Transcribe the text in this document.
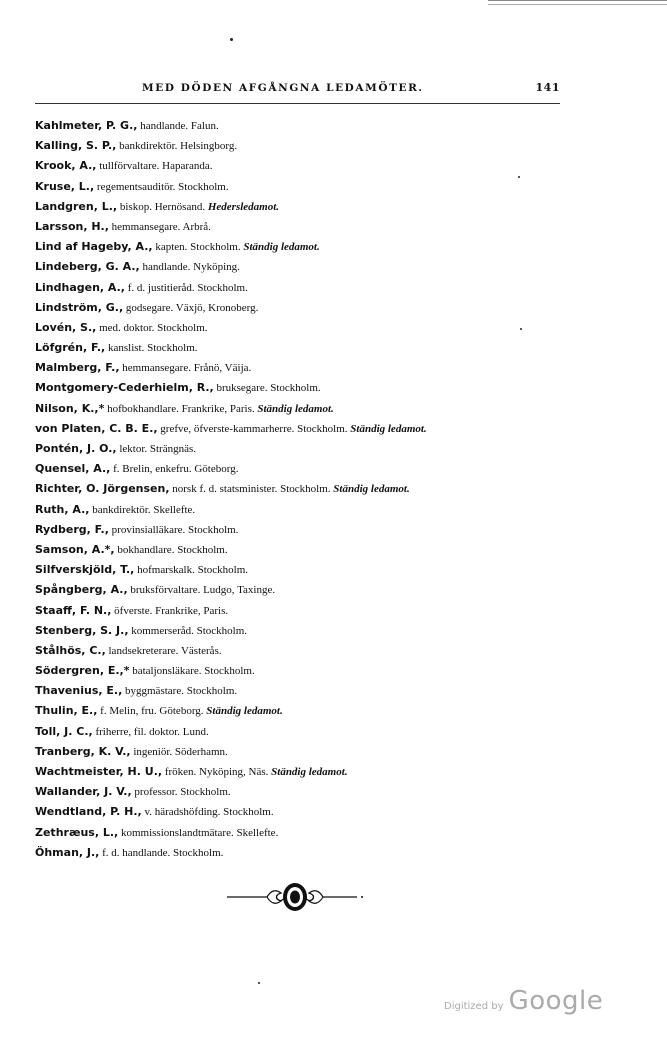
MED DÖDEN AFGÅNGNA LEDAMÖTER.	141
Kahlmeter, P. G., handlande. Falun.
Kalling, S. P., bankdirektör. Helsingborg.
Krook, A., tullförvaltare. Haparanda.
Kruse, L., regementsauditör. Stockholm.
Landgren, L., biskop. Hernösand. Hedersledamot.
Larsson, H., hemmansegare. Arbrå.
Lind af Hageby, A., kapten. Stockholm. Ständig ledamot.
Lindeberg, G. A., handlande. Nyköping.
Lindhagen, A., f. d. justitieråd. Stockholm.
Lindström, G., godsegare. Växjö, Kronoberg.
Lovén, S., med. doktor. Stockholm.
Löfgrén, F., kanslist. Stockholm.
Malmberg, F., hemmansegare. Frånö, Väija.
Montgomery-Cederhielm, R., bruksegare. Stockholm.
Nilson, K.,* hofbokhandlare. Frankrike, Paris. Ständig ledamot.
von Platen, C. B. E., grefve, öfverste-kammarherre. Stockholm. Ständig ledamot.
Pontén, J. O., lektor. Strängnäs.
Quensel, A., f. Brelin, enkefru. Göteborg.
Richter, O. Jörgensen, norsk f. d. statsminister. Stockholm. Ständig ledamot.
Ruth, A., bankdirektör. Skellefte.
Rydberg, F., provinsialläkare. Stockholm.
Samson, A.*, bokhandlare. Stockholm.
Silfverskjöld, T., hofmarskalk. Stockholm.
Spångberg, A., bruksförvaltare. Ludgo, Taxinge.
Staaff, F. N., öfverste. Frankrike, Paris.
Stenberg, S. J., kommerseråd. Stockholm.
Stålhös, C., landsekreterare. Västerås.
Södergren, E.,* bataljonsläkare. Stockholm.
Thavenius, E., byggmästare. Stockholm.
Thulin, E., f. Melin, fru. Göteborg. Ständig ledamot.
Toll, J. C., friherre, fil. doktor. Lund.
Tranberg, K. V., ingeniör. Söderhamn.
Wachtmeister, H. U., fröken. Nyköping, Näs. Ständig ledamot.
Wallander, J. V., professor. Stockholm.
Wendtland, P. H., v. häradshöfding. Stockholm.
Zethræus, L., kommissionslandtmätare. Skellefte.
Öhman, J., f. d. handlande. Stockholm.
Digitized by Google
